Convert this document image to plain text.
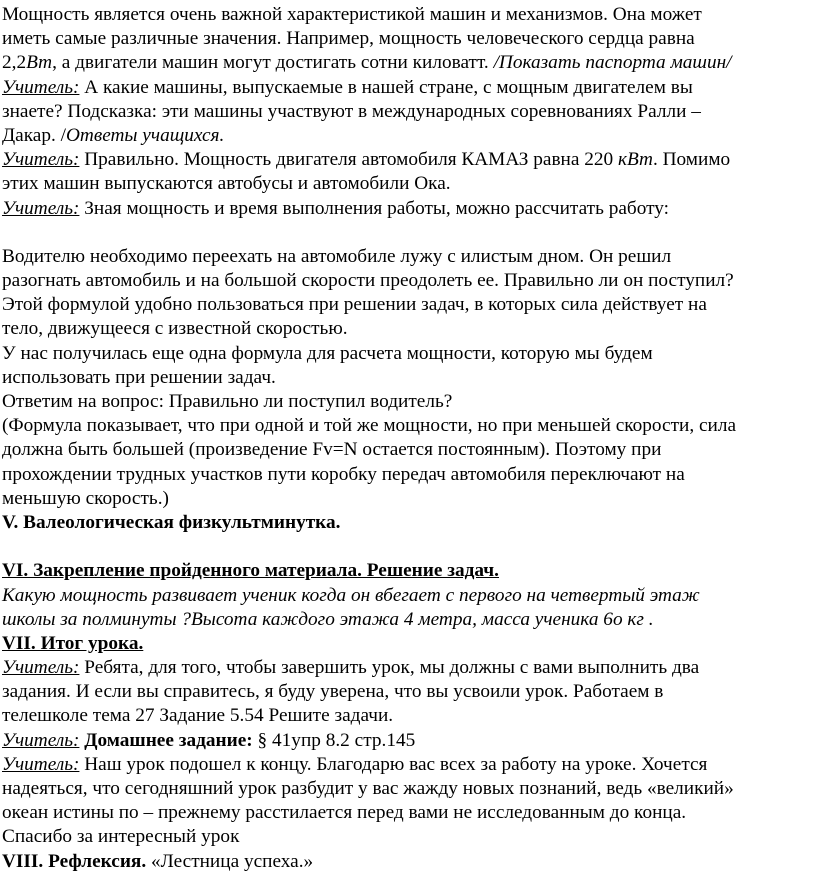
Мощность является очень важной характеристикой машин и механизмов. Она может
иметь самые различные значения. Например, мощность человеческого сердца равна
2,2Вт, а двигатели машин могут достигать сотни киловатт. /Показать паспорта машин/
Учитель: А какие машины, выпускаемые в нашей стране, с мощным двигателем вы
знаете? Подсказка: эти машины участвуют в международных соревнованиях Ралли –
Дакар. /Ответы учащихся.
Учитель: Правильно. Мощность двигателя автомобиля КАМАЗ равна 220 кВт. Помимо
этих машин выпускаются автобусы и автомобили Ока.
Учитель: Зная мощность и время выполнения работы, можно рассчитать работу:
Водителю необходимо переехать на автомобиле лужу с илистым дном. Он решил
разогнать автомобиль и на большой скорости преодолеть ее. Правильно ли он поступил?
Этой формулой удобно пользоваться при решении задач, в которых сила действует на
тело, движущееся с известной скоростью.
У нас получилась еще одна формула для расчета мощности, которую мы будем
использовать при решении задач.
Ответим на вопрос: Правильно ли поступил водитель?
(Формула показывает, что при одной и той же мощности, но при меньшей скорости, сила
должна быть большей (произведение Fv=N остается постоянным). Поэтому при
прохождении трудных участков пути коробку передач автомобиля переключают на
меньшую скорость.)
V. Валеологическая физкультминутка.
VI. Закрепление пройденного материала. Решение задач.
Какую мощность развивает ученик когда он вбегает с первого на четвертый этаж
школы за полминуты ?Высота каждого этажа 4 метра, масса ученика 6о кг .
VII. Итог урока.
Учитель: Ребята, для того, чтобы завершить урок, мы должны с вами выполнить два
задания. И если вы справитесь, я буду уверена, что вы усвоили урок. Работаем в
телешколе тема 27 Задание 5.54 Решите задачи.
Учитель: Домашнее задание: § 41упр 8.2 стр.145
Учитель: Наш урок подошел к концу. Благодарю вас всех за работу на уроке. Хочется
надеяться, что сегодняшний урок разбудит у вас жажду новых познаний, ведь «великий»
океан истины по – прежнему расстилается перед вами не исследованным до конца.
Спасибо за интересный урок
VIII. Рефлексия. «Лестница успеха.»
